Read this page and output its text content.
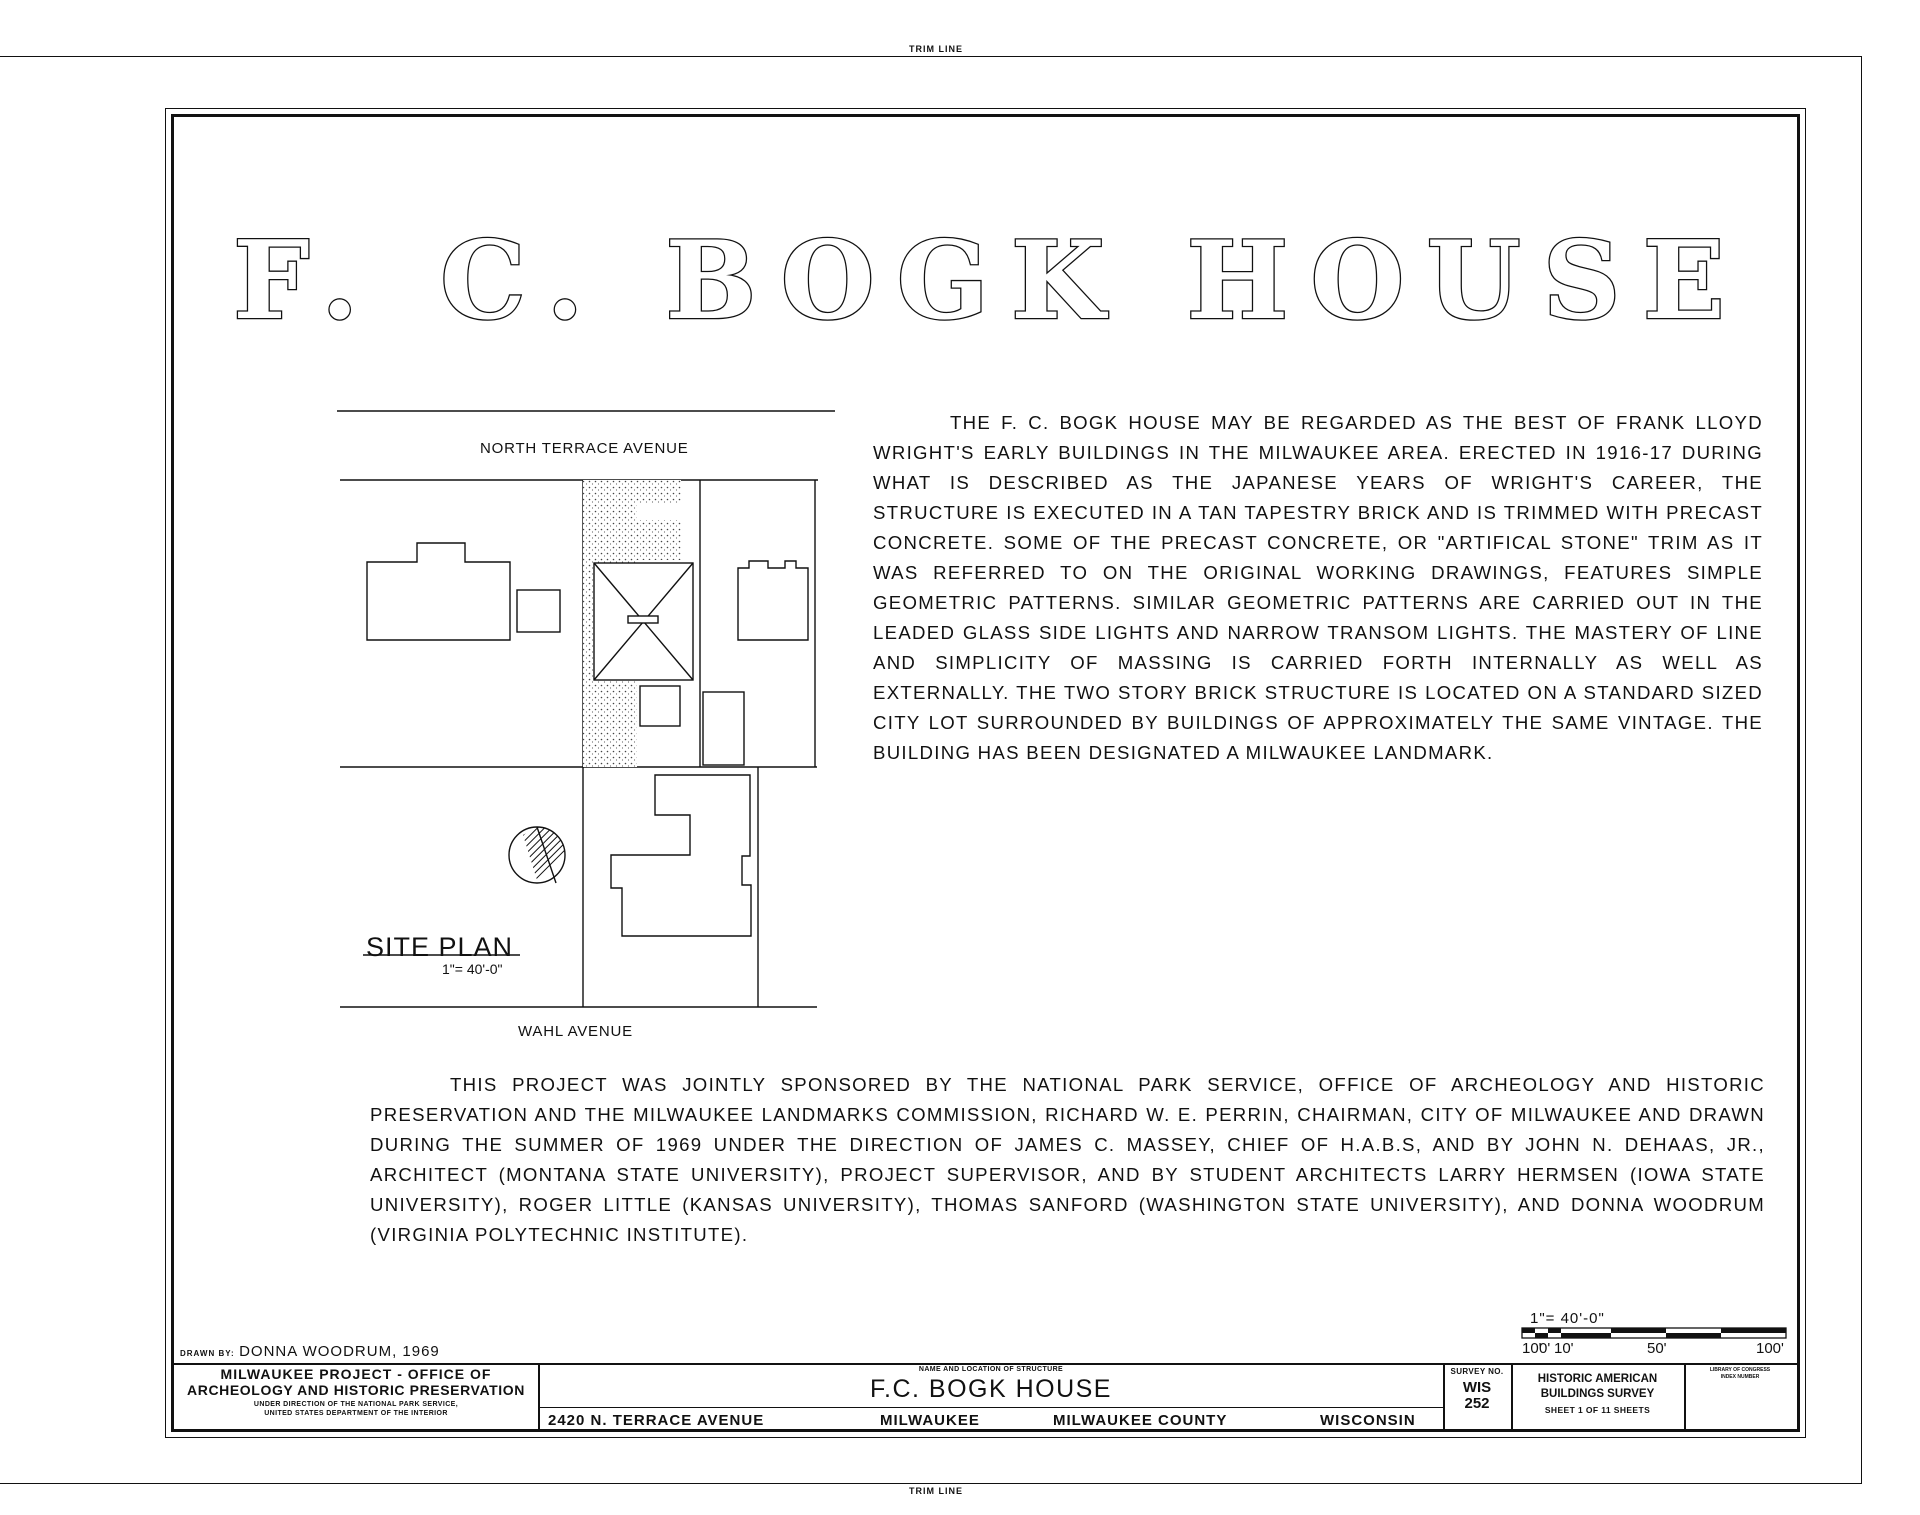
TRIM LINE
TRIM LINE
F. C. BOGK HOUSE
THE F. C. BOGK HOUSE MAY BE REGARDED AS THE BEST OF FRANK LLOYD WRIGHT'S EARLY BUILDINGS IN THE MILWAUKEE AREA. ERECTED IN 1916-17 DURING WHAT IS DESCRIBED AS THE JAPANESE YEARS OF WRIGHT'S CAREER, THE STRUCTURE IS EXECUTED IN A TAN TAPESTRY BRICK AND IS TRIMMED WITH PRECAST CONCRETE. SOME OF THE PRECAST CONCRETE, OR "ARTIFICAL STONE" TRIM AS IT WAS REFERRED TO ON THE ORIGINAL WORKING DRAWINGS, FEATURES SIMPLE GEOMETRIC PATTERNS. SIMILAR GEOMETRIC PATTERNS ARE CARRIED OUT IN THE LEADED GLASS SIDE LIGHTS AND NARROW TRANSOM LIGHTS. THE MASTERY OF LINE AND SIMPLICITY OF MASSING IS CARRIED FORTH INTERNALLY AS WELL AS EXTERNALLY. THE TWO STORY BRICK STRUCTURE IS LOCATED ON A STANDARD SIZED CITY LOT SURROUNDED BY BUILDINGS OF APPROXIMATELY THE SAME VINTAGE. THE BUILDING HAS BEEN DESIGNATED A MILWAUKEE LANDMARK.
NORTH TERRACE AVENUE
WAHL AVENUE
SITE PLAN
1"= 40'-0"
THIS PROJECT WAS JOINTLY SPONSORED BY THE NATIONAL PARK SERVICE, OFFICE OF ARCHEOLOGY AND HISTORIC PRESERVATION AND THE MILWAUKEE LANDMARKS COMMISSION, RICHARD W. E. PERRIN, CHAIRMAN, CITY OF MILWAUKEE AND DRAWN DURING THE SUMMER OF 1969 UNDER THE DIRECTION OF JAMES C. MASSEY, CHIEF OF H.A.B.S, AND BY JOHN N. DEHAAS, JR., ARCHITECT (MONTANA STATE UNIVERSITY), PROJECT SUPERVISOR, AND BY STUDENT ARCHITECTS LARRY HERMSEN (IOWA STATE UNIVERSITY), ROGER LITTLE (KANSAS UNIVERSITY), THOMAS SANFORD (WASHINGTON STATE UNIVERSITY), AND DONNA WOODRUM (VIRGINIA POLYTECHNIC INSTITUTE).
DRAWN BY: DONNA WOODRUM, 1969
1"= 40'-0"
10'
0' 10'	50'	100'
MILWAUKEE PROJECT - OFFICE OF
ARCHEOLOGY AND HISTORIC PRESERVATION
UNDER DIRECTION OF THE NATIONAL PARK SERVICE,
UNITED STATES DEPARTMENT OF THE INTERIOR
NAME AND LOCATION OF STRUCTURE
F.C. BOGK HOUSE
2420 N. TERRACE AVENUE	MILWAUKEE	MILWAUKEE COUNTY	WISCONSIN
SURVEY NO.
WIS
252
HISTORIC AMERICAN
BUILDINGS SURVEY
SHEET 1 OF 11 SHEETS
LIBRARY OF CONGRESS
INDEX NUMBER
